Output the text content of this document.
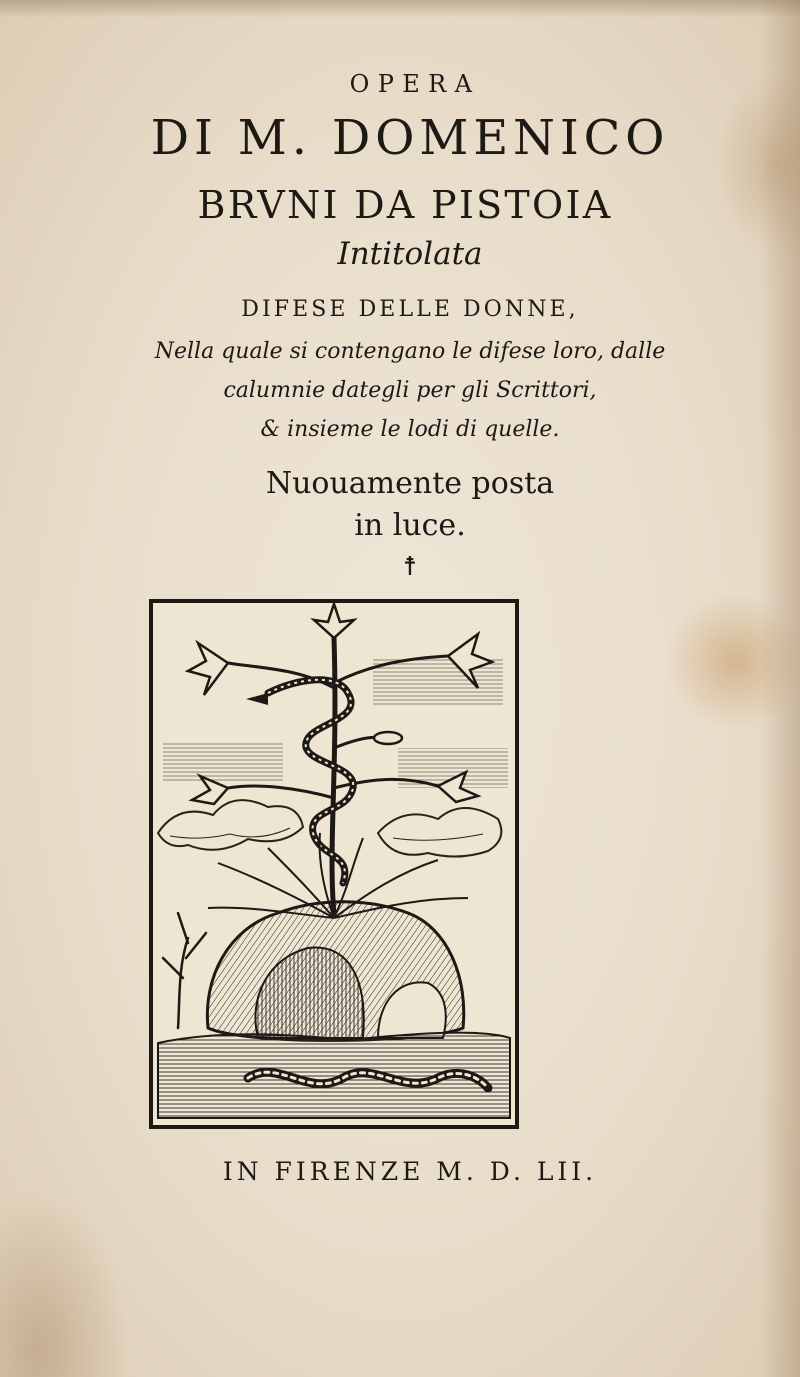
OPERA

DI M. DOMENICO

BRVNI DA PISTOIA

Intitolata

DIFESE DELLE DONNE,

Nella quale si contengano le difese loro, dalle

calumnie dategli per gli Scrittori,

& insieme le lodi di quelle.

Nuouamente posta

in luce.

☨

IN FIRENZE M. D. LII.
